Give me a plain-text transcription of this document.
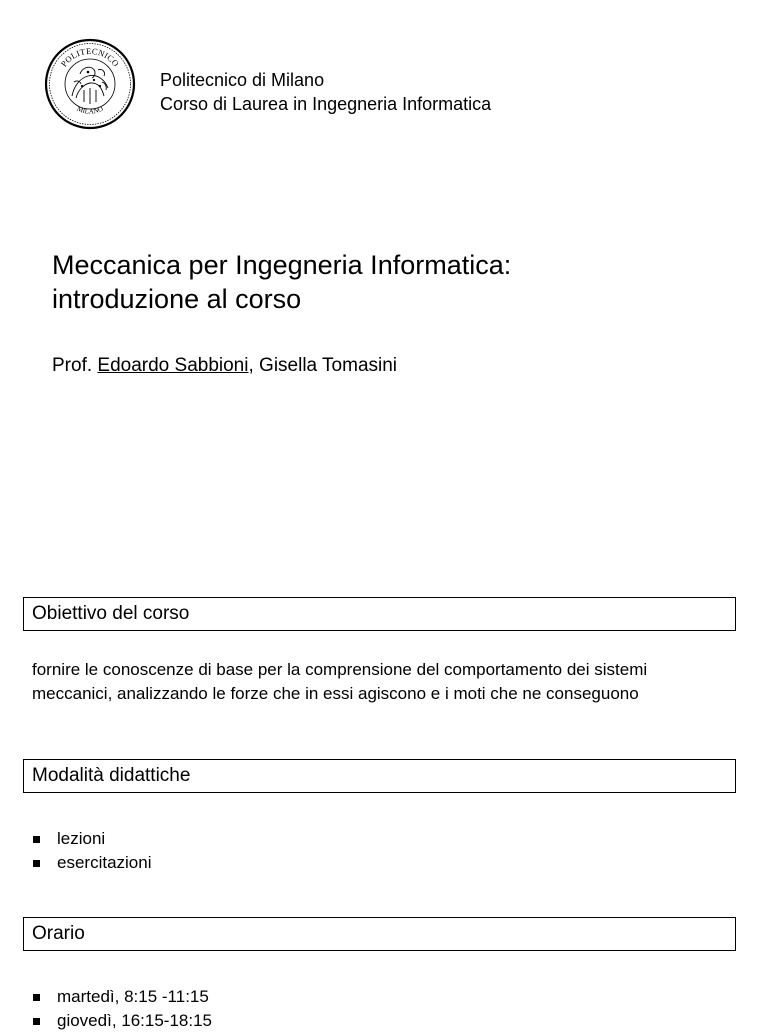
POLITECNICO
MILANO
Politecnico di Milano
Corso di Laurea in Ingegneria Informatica
Meccanica per Ingegneria Informatica:
introduzione al corso
Prof. Edoardo Sabbioni, Gisella Tomasini
Obiettivo del corso
fornire le conoscenze di base per la comprensione del comportamento dei sistemi
meccanici, analizzando le forze che in essi agiscono e i moti che ne conseguono
Modalità didattiche
lezioni
esercitazioni
Orario
martedì, 8:15 -11:15
giovedì, 16:15-18:15
